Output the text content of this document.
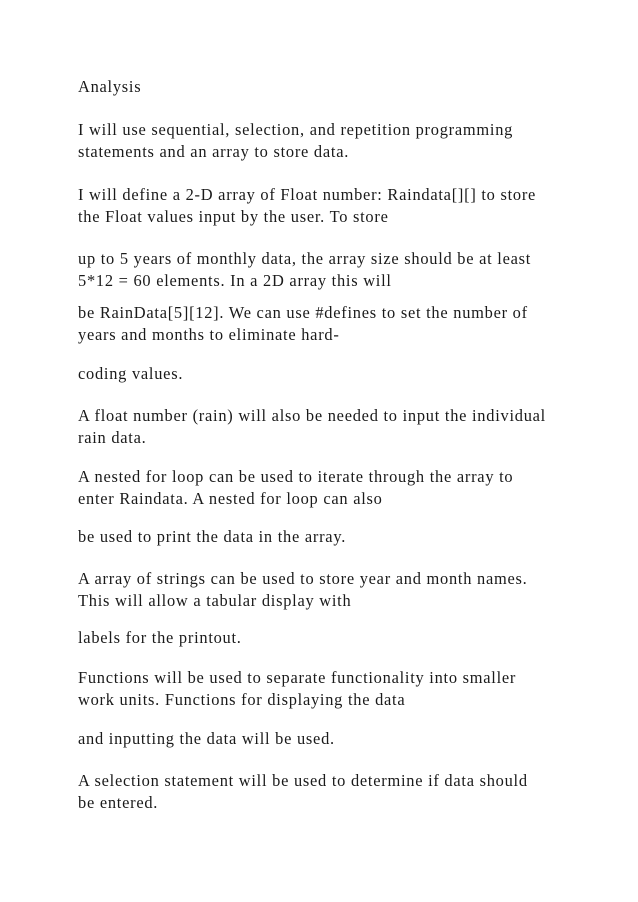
Analysis

I will use sequential, selection, and repetition programming
statements and an array to store data.

I will define a 2-D array of Float number: Raindata[][] to store
the Float values input by the user. To store

up to 5 years of monthly data, the array size should be at least
5*12 = 60 elements. In a 2D array this will

be RainData[5][12]. We can use #defines to set the number of
years and months to eliminate hard-

coding values.

A float number (rain) will also be needed to input the individual
rain data.

A nested for loop can be used to iterate through the array to
enter Raindata. A nested for loop can also

be used to print the data in the array.

A array of strings can be used to store year and month names.
This will allow a tabular display with

labels for the printout.

Functions will be used to separate functionality into smaller
work units. Functions for displaying the data

and inputting the data will be used.

A selection statement will be used to determine if data should
be entered.
